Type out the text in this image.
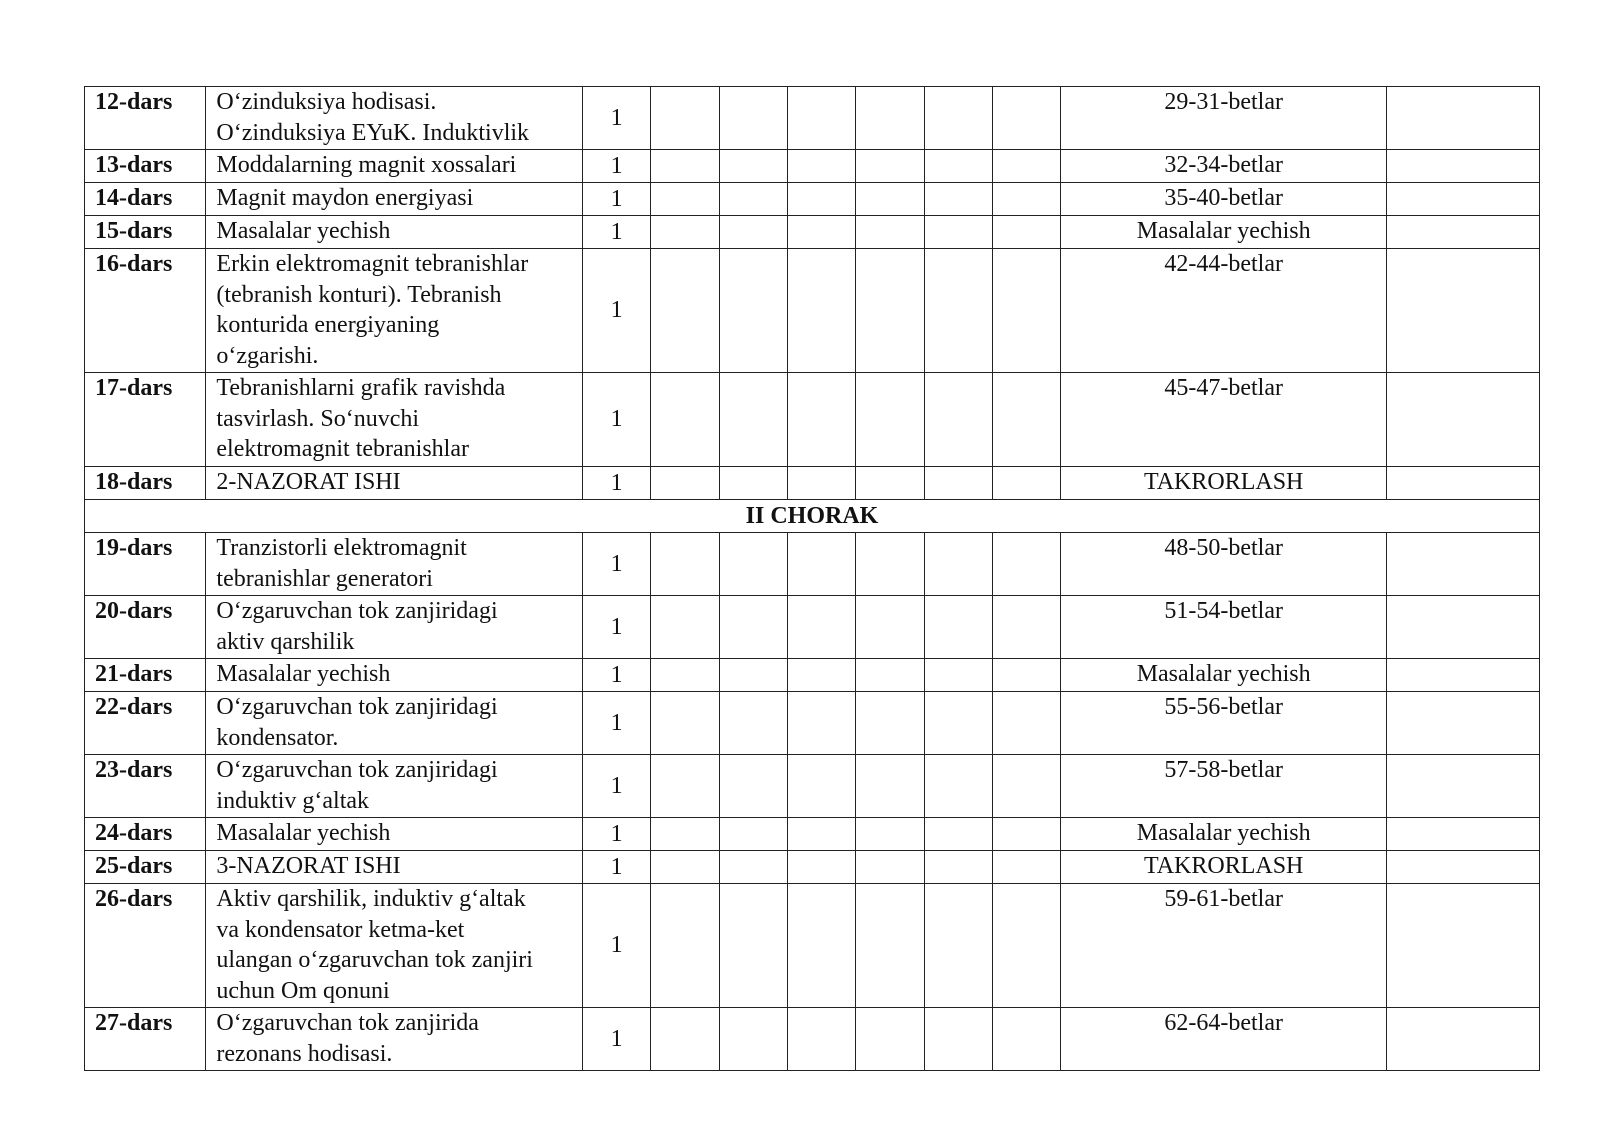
12-dars	O‘zinduksiya hodisasi.
O‘zinduksiya EYuK. Induktivlik	1							29-31-betlar	
13-dars	Moddalarning magnit xossalari	1							32-34-betlar	
14-dars	Magnit maydon energiyasi	1							35-40-betlar	
15-dars	Masalalar yechish	1							Masalalar yechish	
16-dars	Erkin elektromagnit tebranishlar
(tebranish konturi). Tebranish
konturida energiyaning
o‘zgarishi.	1							42-44-betlar	
17-dars	Tebranishlarni grafik ravishda
tasvirlash. So‘nuvchi
elektromagnit tebranishlar	1							45-47-betlar	
18-dars	2-NAZORAT ISHI	1							TAKRORLASH	
II CHORAK										
19-dars	Tranzistorli elektromagnit
tebranishlar generatori	1							48-50-betlar	
20-dars	O‘zgaruvchan tok zanjiridagi
aktiv qarshilik	1							51-54-betlar	
21-dars	Masalalar yechish	1							Masalalar yechish	
22-dars	O‘zgaruvchan tok zanjiridagi
kondensator.	1							55-56-betlar	
23-dars	O‘zgaruvchan tok zanjiridagi
induktiv g‘altak	1							57-58-betlar	
24-dars	Masalalar yechish	1							Masalalar yechish	
25-dars	3-NAZORAT ISHI	1							TAKRORLASH	
26-dars	Aktiv qarshilik, induktiv g‘altak
va kondensator ketma-ket
ulangan o‘zgaruvchan tok zanjiri
uchun Om qonuni	1							59-61-betlar	
27-dars	O‘zgaruvchan tok zanjirida
rezonans hodisasi.	1							62-64-betlar	
